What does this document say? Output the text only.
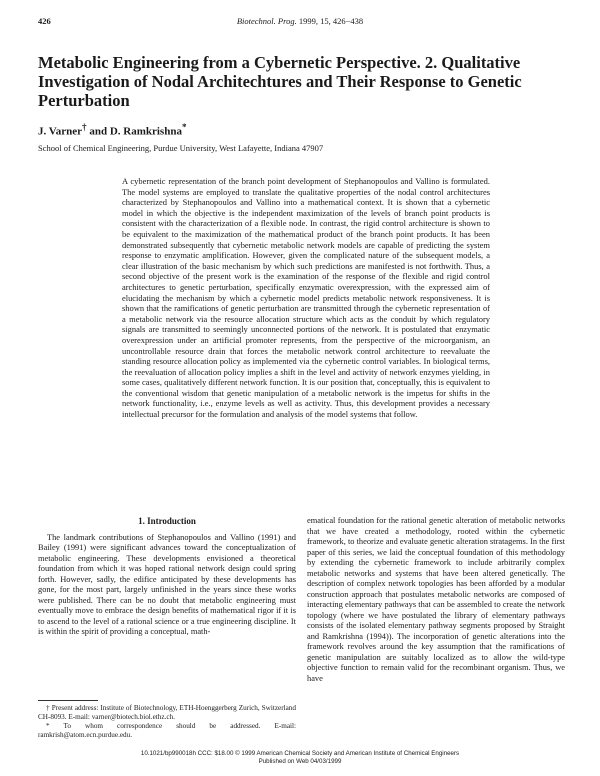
426	Biotechnol. Prog. 1999, 15, 426−438
Metabolic Engineering from a Cybernetic Perspective. 2. Qualitative Investigation of Nodal Architechtures and Their Response to Genetic Perturbation
J. Varner† and D. Ramkrishna*
School of Chemical Engineering, Purdue University, West Lafayette, Indiana 47907

A cybernetic representation of the branch point development of Stephanopoulos and Vallino is formulated. The model systems are employed to translate the qualitative properties of the nodal control architectures characterized by Stephanopoulos and Vallino into a mathematical context. It is shown that a cybernetic model in which the objective is the independent maximization of the levels of branch point products is consistent with the characterization of a flexible node. In contrast, the rigid control architecture is shown to be equivalent to the maximization of the mathematical product of the branch point products. It has been demonstrated subsequently that cybernetic metabolic network models are capable of predicting the system response to enzymatic amplification. However, given the complicated nature of the subsequent models, a clear illustration of the basic mechanism by which such predictions are manifested is not forthwith. Thus, a second objective of the present work is the examination of the response of the flexible and rigid control architectures to genetic perturbation, specifically enzymatic overexpression, with the expressed aim of elucidating the mechanism by which a cybernetic model predicts metabolic network responsiveness. It is shown that the ramifications of genetic perturbation are transmitted through the cybernetic representation of a metabolic network via the resource allocation structure which acts as the conduit by which regulatory signals are transmitted to seemingly unconnected portions of the network. It is postulated that enzymatic overexpression under an artificial promoter represents, from the perspective of the microorganism, an uncontrollable resource drain that forces the metabolic network control architecture to reevaluate the standing resource allocation policy as implemented via the cybernetic control variables. In biological terms, the reevaluation of allocation policy implies a shift in the level and activity of network enzymes yielding, in some cases, qualitatively different network function. It is our position that, conceptually, this is equivalent to the conventional wisdom that genetic manipulation of a metabolic network is the impetus for shifts in the network functionality, i.e., enzyme levels as well as activity. Thus, this development provides a necessary intellectual precursor for the formulation and analysis of the model systems that follow.

1. Introduction

The landmark contributions of Stephanopoulos and Vallino (1991) and Bailey (1991) were significant advances toward the conceptualization of metabolic engineering. These developments envisioned a theoretical foundation from which it was hoped rational network design could spring forth. However, sadly, the edifice anticipated by these developments has gone, for the most part, largely unfinished in the years since these works were published. There can be no doubt that metabolic engineering must eventually move to embrace the design benefits of mathematical rigor if it is to ascend to the level of a rational science or a true engineering discipline. It is within the spirit of providing a conceptual, math-

ematical foundation for the rational genetic alteration of metabolic networks that we have created a methodology, rooted within the cybernetic framework, to theorize and evaluate genetic alteration stratagems. In the first paper of this series, we laid the conceptual foundation of this methodology by extending the cybernetic framework to include arbitrarily complex metabolic networks and systems that have been altered genetically. The description of complex network topologies has been afforded by a modular construction approach that postulates metabolic networks are composed of interacting elementary pathways that can be assembled to create the network topology (where we have postulated the library of elementary pathways consists of the isolated elementary pathway segments proposed by Straight and Ramkrishna (1994)). The incorporation of genetic alterations into the framework revolves around the key assumption that the ramifications of genetic manipulation are suitably localized as to allow the wild-type objective function to remain valid for the recombinant organism. Thus, we have

† Present address: Institute of Biotechnology, ETH-Hoenggerberg Zurich, Switzerland CH-8093. E-mail: varner@biotech.biol.ethz.ch.

* To whom correspondence should be addressed. E-mail: ramkrish@atom.ecn.purdue.edu.

10.1021/bp990018h CCC: $18.00 © 1999 American Chemical Society and American Institute of Chemical Engineers
Published on Web 04/03/1999
